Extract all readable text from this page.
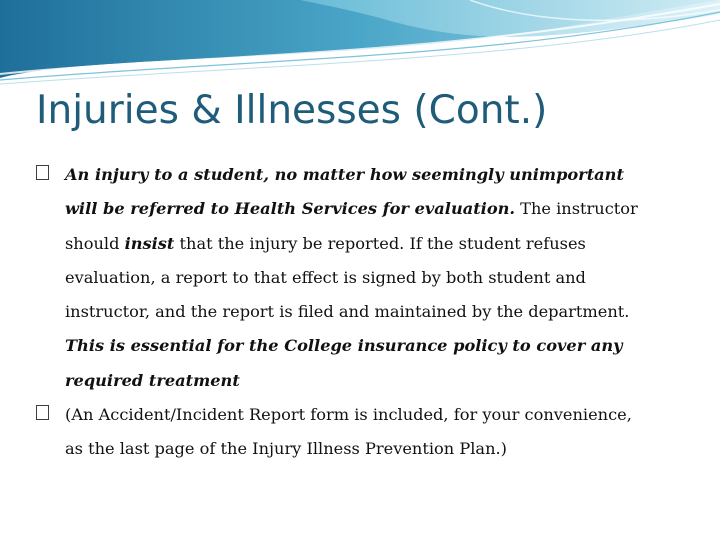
Injuries & Illnesses (Cont.)
An injury to a student, no matter how seemingly unimportant
will be referred to Health Services for evaluation. The instructor
should insist that the injury be reported. If the student refuses
evaluation, a report to that effect is signed by both student and
instructor, and the report is filed and maintained by the department.
This is essential for the College insurance policy to cover any
required treatment
(An Accident/Incident Report form is included, for your convenience,
as the last page of the Injury Illness Prevention Plan.)
